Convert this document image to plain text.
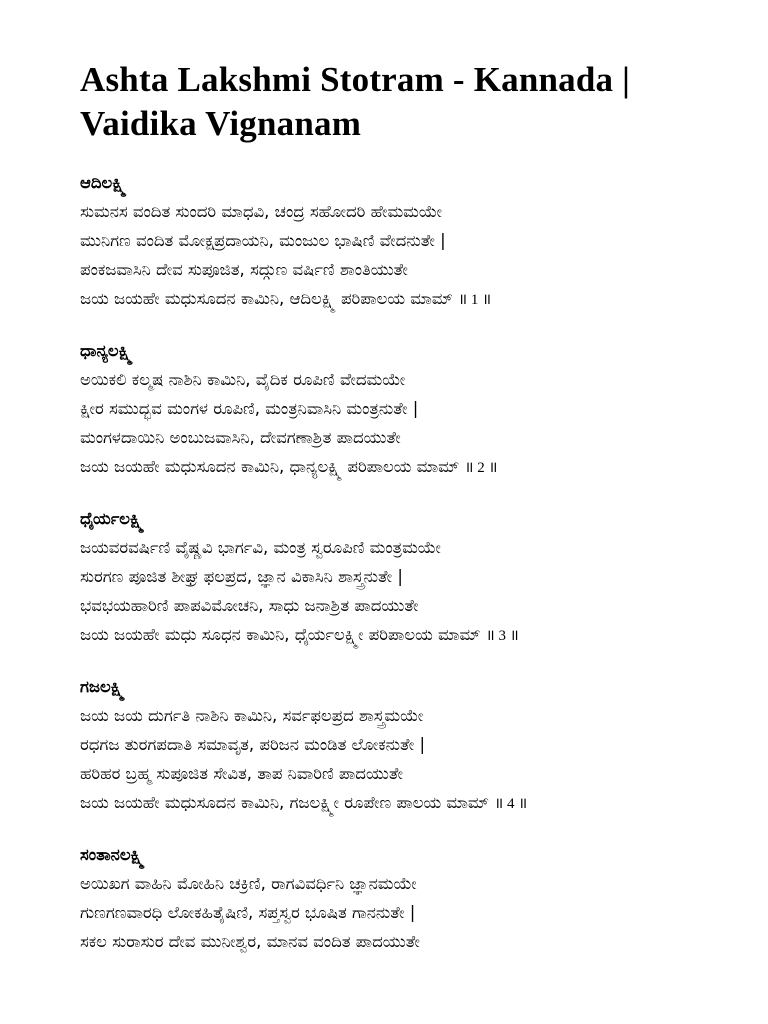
Ashta Lakshmi Stotram - Kannada | Vaidika Vignanam
ಆದಿಲಕ್ಷ್ಮಿ
ಸುಮನಸ ವಂದಿತ ಸುಂದರಿ ಮಾಧವಿ, ಚಂದ್ರ ಸಹೋದರಿ ಹೇಮಮಯೇ
ಮುನಿಗಣ ವಂದಿತ ಮೋಕ್ಷಪ್ರದಾಯನಿ, ಮಂಜುಲ ಭಾಷಿಣಿ ವೇದನುತೇ |
ಪಂಕಜವಾಸಿನಿ ದೇವ ಸುಪೂಜಿತ, ಸದ್ಗುಣ ವರ್ಷಿಣಿ ಶಾಂತಿಯುತೇ
ಜಯ ಜಯಹೇ ಮಧುಸೂದನ ಕಾಮಿನಿ, ಆದಿಲಕ್ಷ್ಮಿ ಪರಿಪಾಲಯ ಮಾಮ್ ॥ 1 ॥
ಧಾನ್ಯಲಕ್ಷ್ಮಿ
ಅಯಿಕಲಿ ಕಲ್ಮಷ ನಾಶಿನಿ ಕಾಮಿನಿ, ವೈದಿಕ ರೂಪಿಣಿ ವೇದಮಯೇ
ಕ್ಷೀರ ಸಮುದ್ಭವ ಮಂಗಳ ರೂಪಿಣಿ, ಮಂತ್ರನಿವಾಸಿನಿ ಮಂತ್ರನುತೇ |
ಮಂಗಳದಾಯಿನಿ ಅಂಬುಜವಾಸಿನಿ, ದೇವಗಣಾಶ್ರಿತ ಪಾದಯುತೇ
ಜಯ ಜಯಹೇ ಮಧುಸೂದನ ಕಾಮಿನಿ, ಧಾನ್ಯಲಕ್ಷ್ಮಿ ಪರಿಪಾಲಯ ಮಾಮ್ ॥ 2 ॥
ಧೈರ್ಯಲಕ್ಷ್ಮಿ
ಜಯವರವರ್ಷಿಣಿ ವೈಷ್ಣವಿ ಭಾರ್ಗವಿ, ಮಂತ್ರ ಸ್ವರೂಪಿಣಿ ಮಂತ್ರಮಯೇ
ಸುರಗಣ ಪೂಜಿತ ಶೀಘ್ರ ಫಲಪ್ರದ, ಜ್ಞಾನ ವಿಕಾಸಿನಿ ಶಾಸ್ತ್ರನುತೇ |
ಭವಭಯಹಾರಿಣಿ ಪಾಪವಿಮೋಚನಿ, ಸಾಧು ಜನಾಶ್ರಿತ ಪಾದಯುತೇ
ಜಯ ಜಯಹೇ ಮಧು ಸೂಧನ ಕಾಮಿನಿ, ಧೈರ್ಯಲಕ್ಷ್ಮೀ ಪರಿಪಾಲಯ ಮಾಮ್ ॥ 3 ॥
ಗಜಲಕ್ಷ್ಮಿ
ಜಯ ಜಯ ದುರ್ಗತಿ ನಾಶಿನಿ ಕಾಮಿನಿ, ಸರ್ವಫಲಪ್ರದ ಶಾಸ್ತ್ರಮಯೇ
ರಧಗಜ ತುರಗಪದಾತಿ ಸಮಾವೃತ, ಪರಿಜನ ಮಂಡಿತ ಲೋಕನುತೇ |
ಹರಿಹರ ಬ್ರಹ್ಮ ಸುಪೂಜಿತ ಸೇವಿತ, ತಾಪ ನಿವಾರಿಣಿ ಪಾದಯುತೇ
ಜಯ ಜಯಹೇ ಮಧುಸೂದನ ಕಾಮಿನಿ, ಗಜಲಕ್ಷ್ಮೀ ರೂಪೇಣ ಪಾಲಯ ಮಾಮ್ ॥ 4 ॥
ಸಂತಾನಲಕ್ಷ್ಮಿ
ಅಯಿಖಗ ವಾಹಿನಿ ಮೋಹಿನಿ ಚಕ್ರಿಣಿ, ರಾಗವಿವರ್ಧಿನಿ ಜ್ಞಾನಮಯೇ
ಗುಣಗಣವಾರಧಿ ಲೋಕಹಿತೈಷಿಣಿ, ಸಪ್ತಸ್ವರ ಭೂಷಿತ ಗಾನನುತೇ |
ಸಕಲ ಸುರಾಸುರ ದೇವ ಮುನೀಶ್ವರ, ಮಾನವ ವಂದಿತ ಪಾದಯುತೇ
